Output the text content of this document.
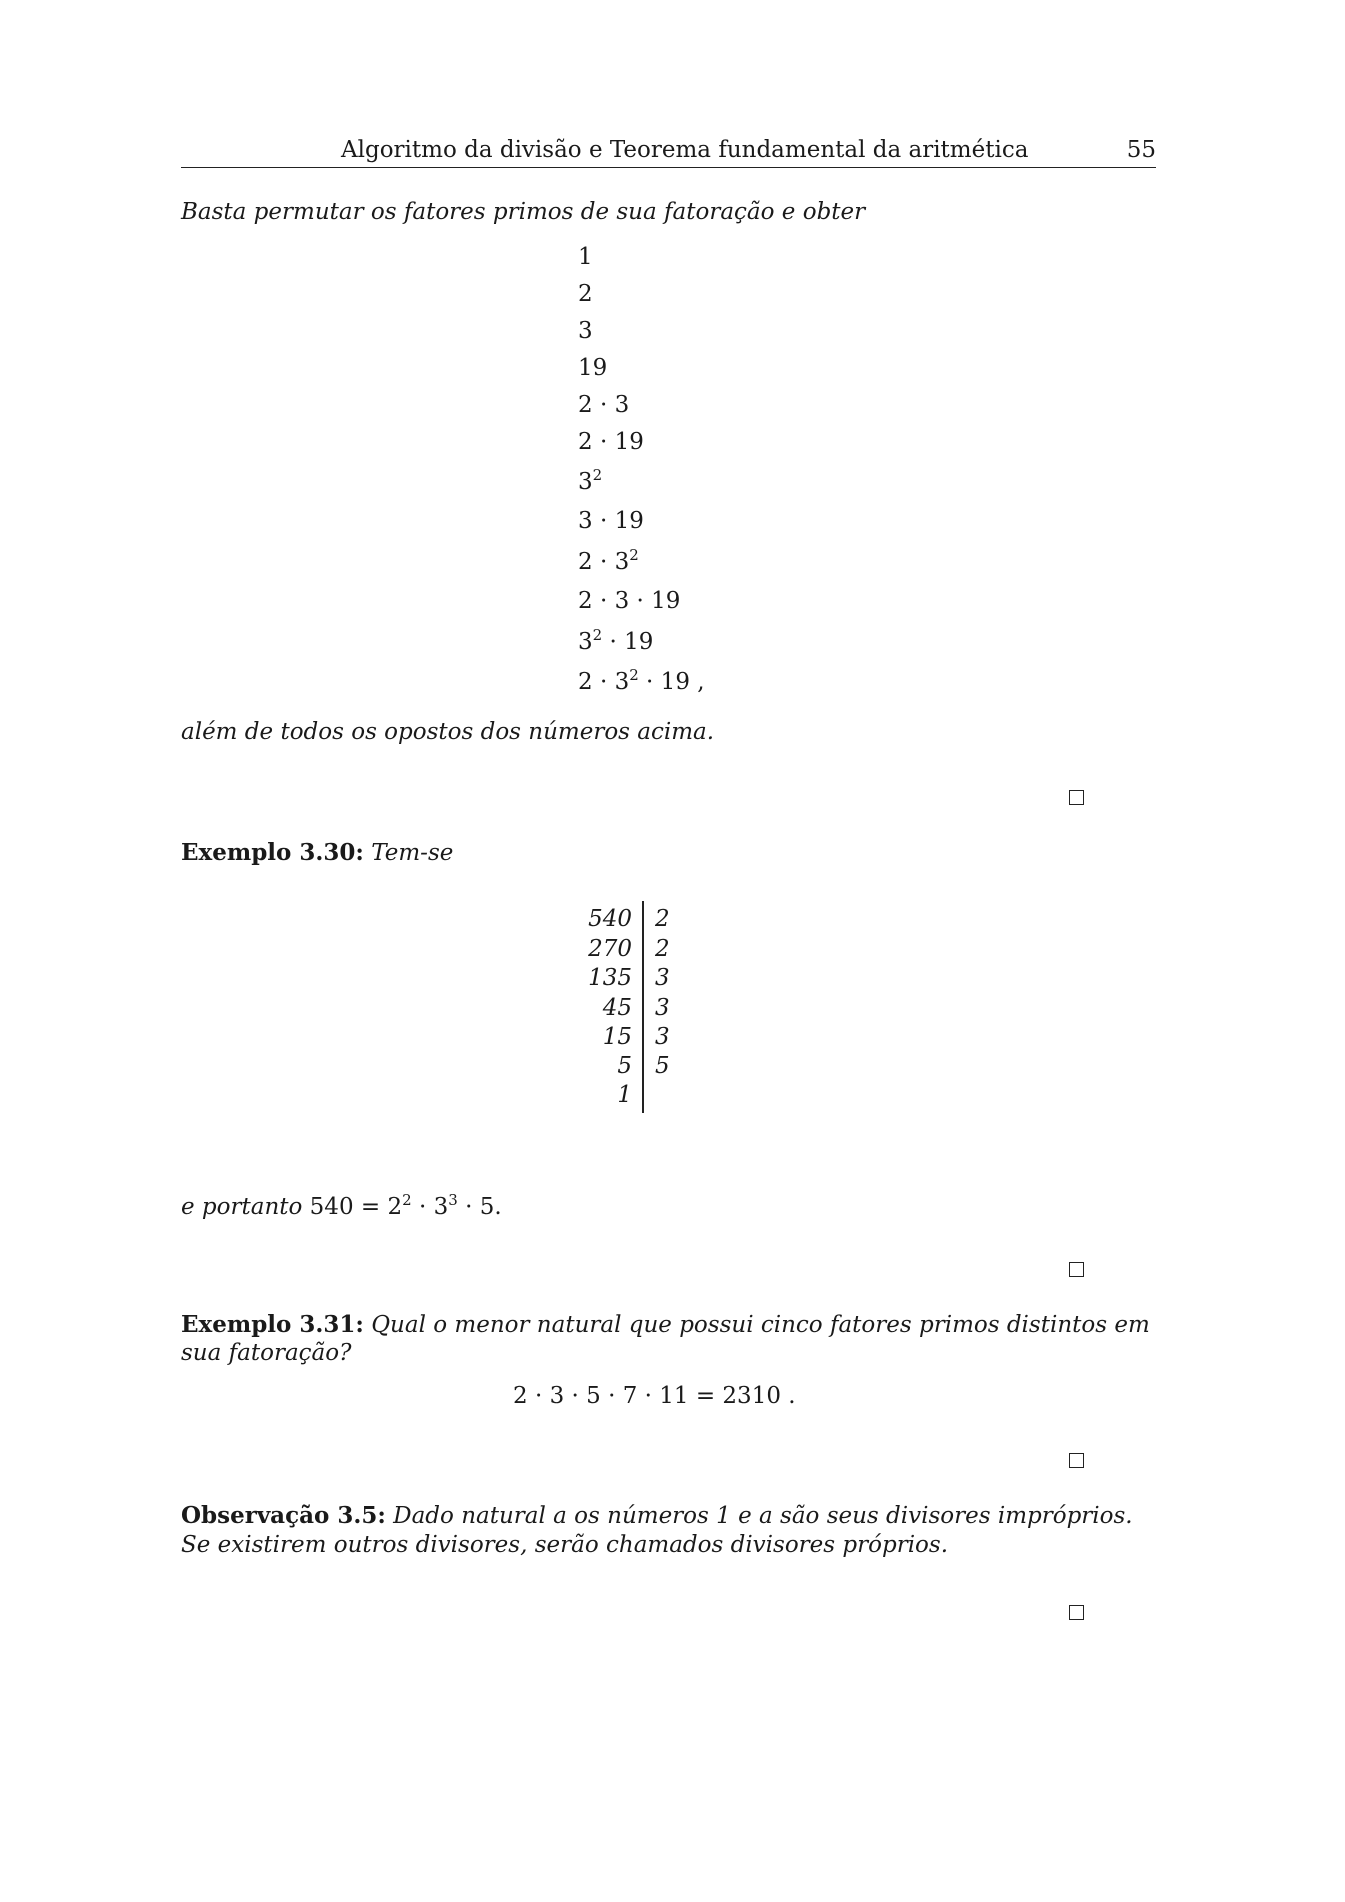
Algoritmo da divisão e Teorema fundamental da aritmética	55
Basta permutar os fatores primos de sua fatoração e obter
1
2
3
19
2 · 3
2 · 19
$3^2$
3 · 19
$2 \cdot 3^2$
2 · 3 · 19
$3^2 \cdot 19$
$2 \cdot 3^2 \cdot 19$ ,
além de todos os opostos dos números acima.
Exemplo 3.30: Tem-se
540
270
135
45
15
5
1
2
2
3
3
3
5
e portanto $540 = 2^2 \cdot 3^3 \cdot 5$.
Exemplo 3.31: Qual o menor natural que possui cinco fatores primos distintos em
sua fatoração?
2 · 3 · 5 · 7 · 11 = 2310 .
Observação 3.5: Dado natural a os números 1 e a são seus divisores impróprios.
Se existirem outros divisores, serão chamados divisores próprios.
